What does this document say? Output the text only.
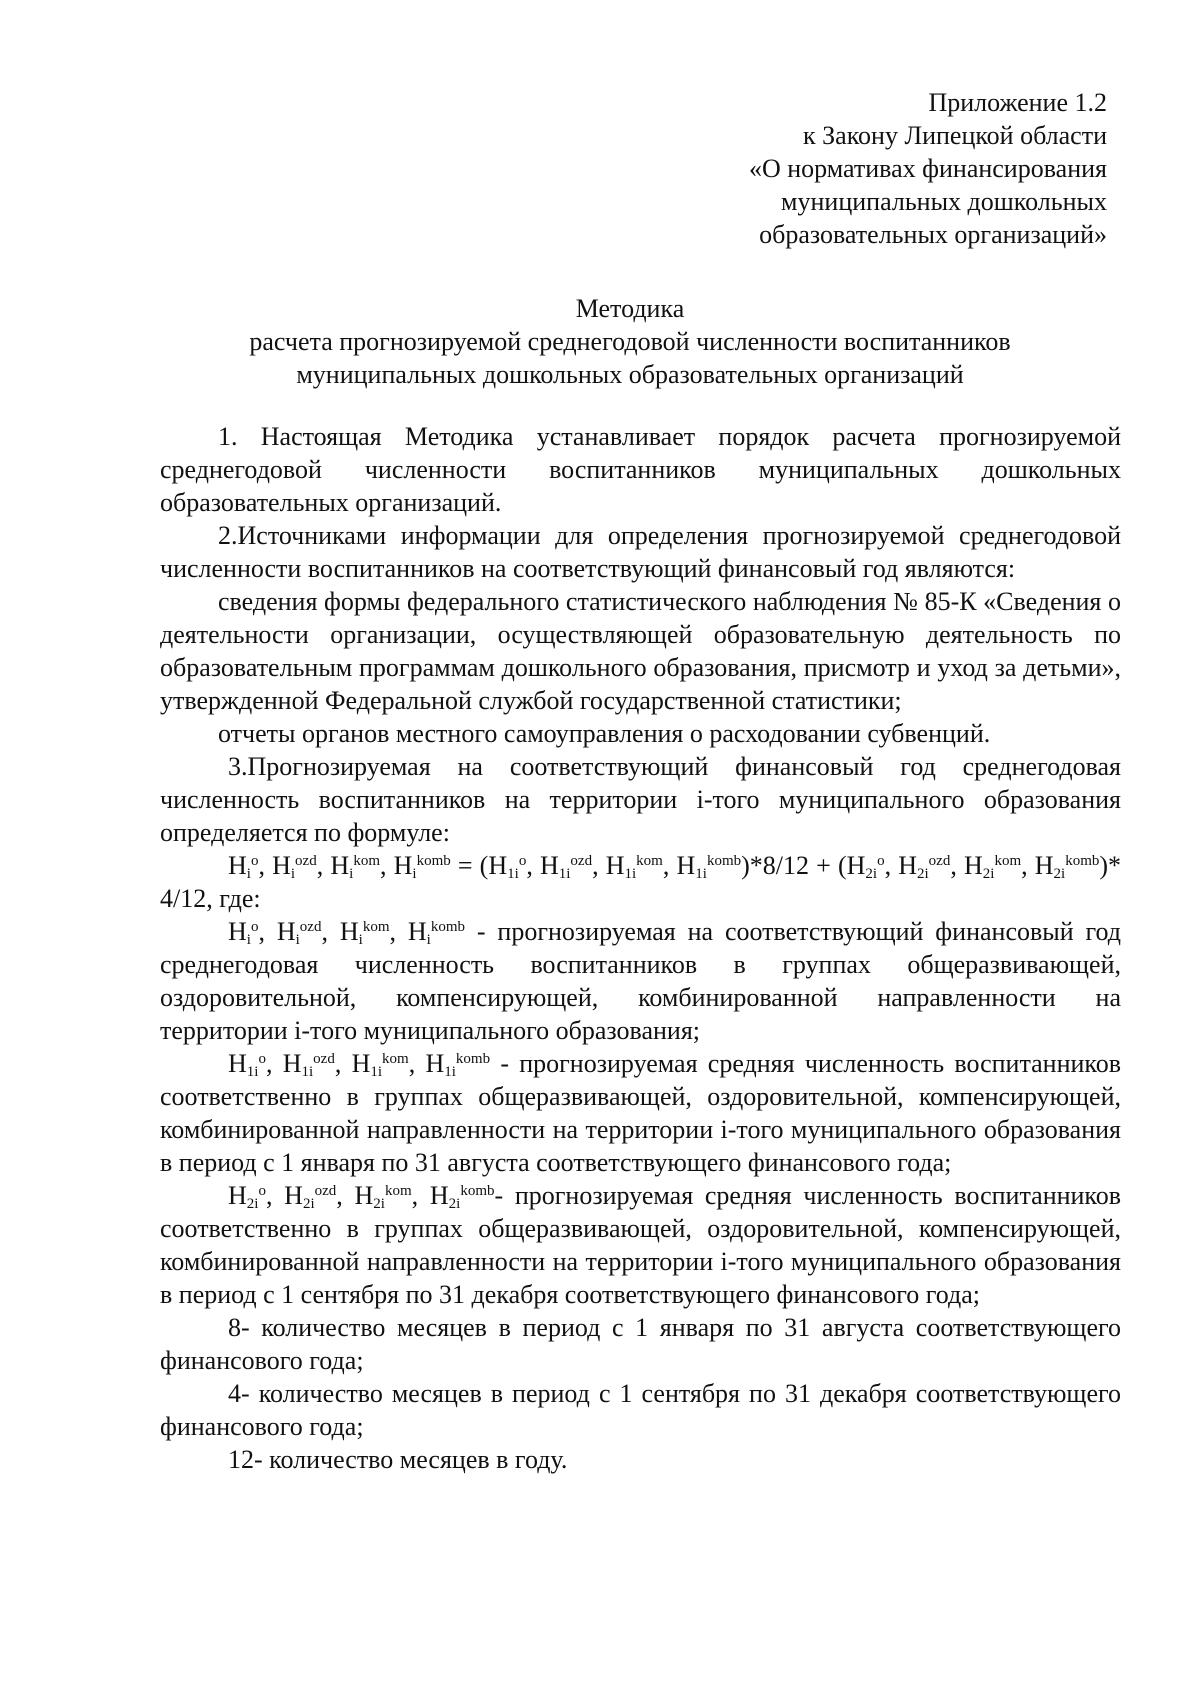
Приложение 1.2
к Закону Липецкой области
«О нормативах финансирования
муниципальных дошкольных
образовательных организаций»
Методика
расчета прогнозируемой среднегодовой численности воспитанников
муниципальных дошкольных образовательных организаций

1. Настоящая Методика устанавливает порядок расчета прогнозируемой среднегодовой численности воспитанников муниципальных дошкольных образовательных организаций.

2.Источниками информации для определения прогнозируемой среднегодовой численности воспитанников на соответствующий финансовый год являются:

сведения формы федерального статистического наблюдения № 85-К «Сведения о деятельности организации, осуществляющей образовательную деятельность по образовательным программам дошкольного образования, присмотр и уход за детьми», утвержденной Федеральной службой государственной статистики;

отчеты органов местного самоуправления о расходовании субвенций.

3.Прогнозируемая на соответствующий финансовый год среднегодовая численность воспитанников на территории i-того муниципального образования определяется по формуле:

$Н_i^о$, $Н_i^{ozd}$, $Н_i^{kom}$, $Н_i^{komb} = (Н_{1i}^о$, $Н_{1i}^{ozd}$, $Н_{1i}^{kom}$, $Н_{1i}^{komb})*8/12 + (Н_{2i}^о$, $Н_{2i}^{ozd}$, $Н_{2i}^{kom}$, $Н_{2i}^{komb})*$ 4/12, где:

$Н_i^о$, $Н_i^{ozd}$, $Н_i^{kom}$, $Н_i^{komb}$ - прогнозируемая на соответствующий финансовый год среднегодовая численность воспитанников в группах общеразвивающей, оздоровительной, компенсирующей, комбинированной направленности на территории i-того муниципального образования;

$Н_{1i}^о$, $Н_{1i}^{ozd}$, $Н_{1i}^{kom}$, $Н_{1i}^{komb}$ - прогнозируемая средняя численность воспитанников соответственно в группах общеразвивающей, оздоровительной, компенсирующей, комбинированной направленности на территории i-того муниципального образования в период с 1 января по 31 августа соответствующего финансового года;

$Н_{2i}^о$, $Н_{2i}^{ozd}$, $Н_{2i}^{kom}$, $Н_{2i}^{komb}-$ прогнозируемая средняя численность воспитанников соответственно в группах общеразвивающей, оздоровительной, компенсирующей, комбинированной направленности на территории i-того муниципального образования в период с 1 сентября по 31 декабря соответствующего финансового года;

8- количество месяцев в период с 1 января по 31 августа соответствующего финансового года;

4- количество месяцев в период с 1 сентября по 31 декабря соответствующего финансового года;

12- количество месяцев в году.
